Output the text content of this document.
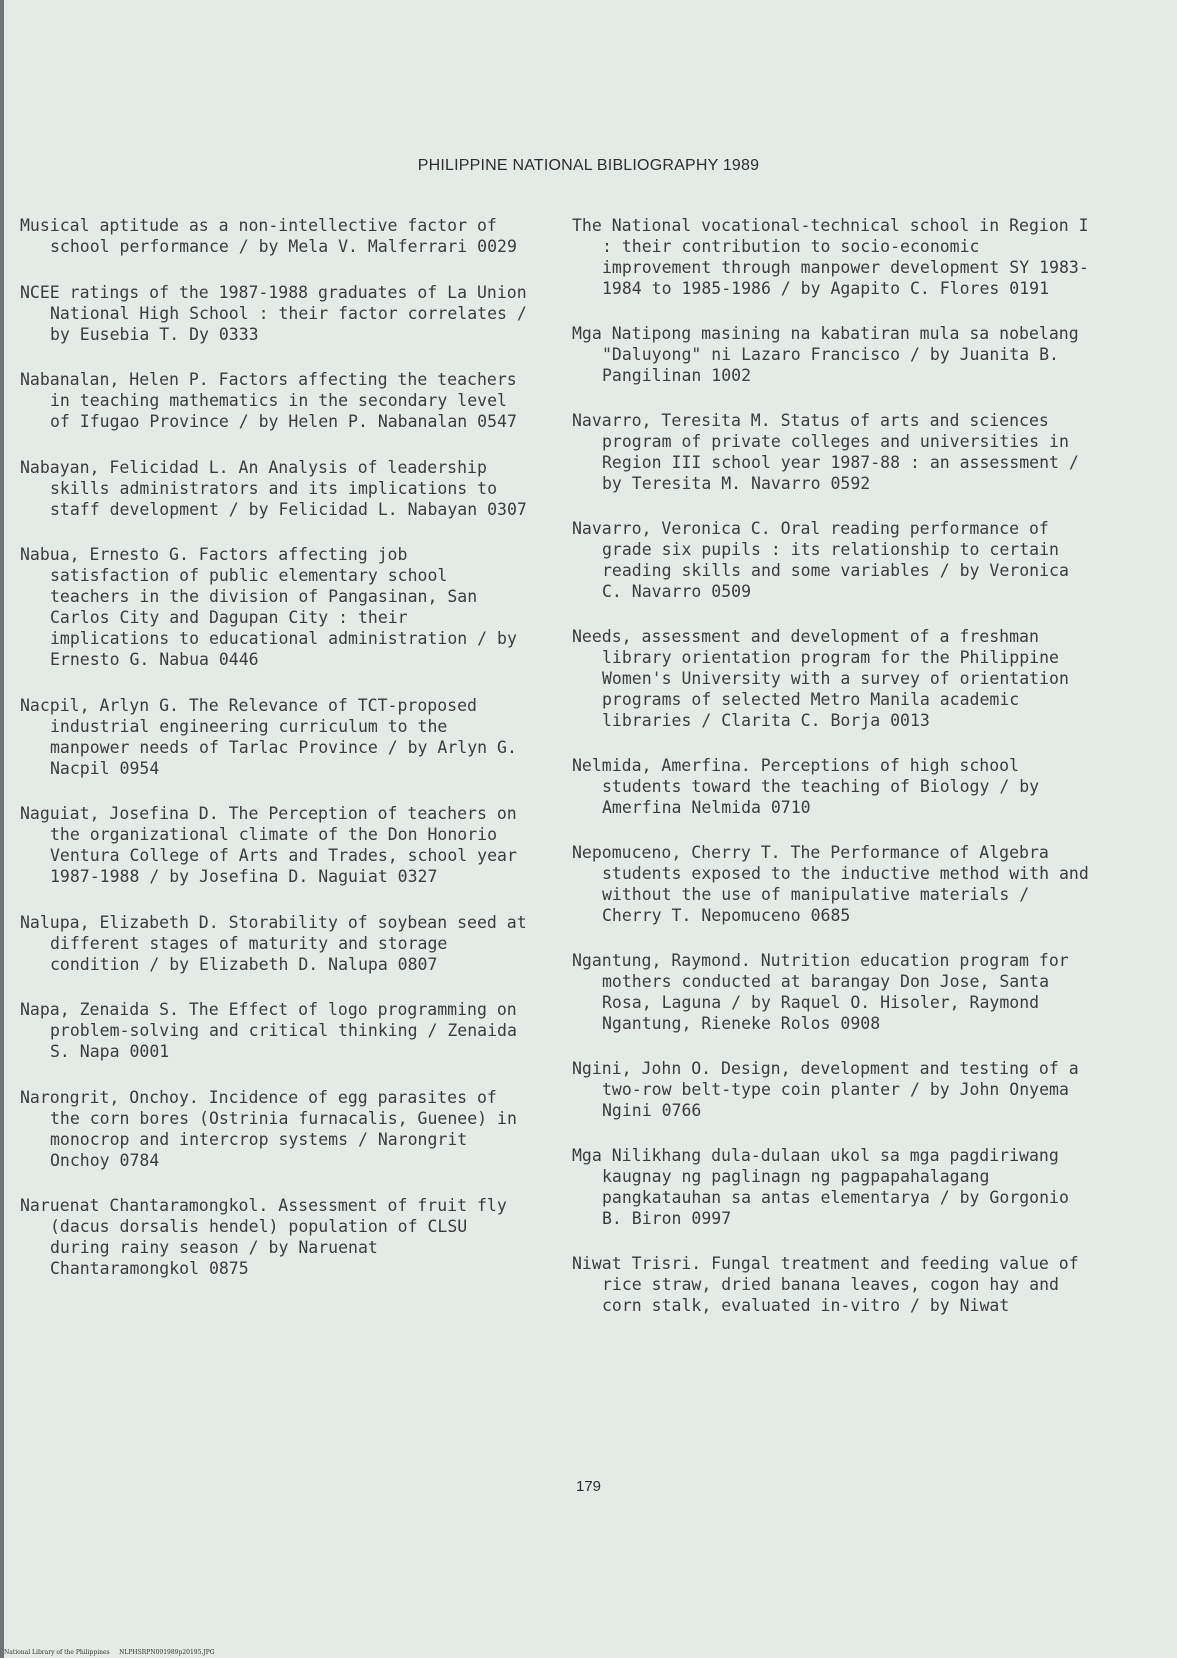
PHILIPPINE NATIONAL BIBLIOGRAPHY 1989

Musical aptitude as a non-intellective factor of school performance / by Mela V. Malferrari 0029

NCEE ratings of the 1987-1988 graduates of La Union National High School : their factor correlates / by Eusebia T. Dy 0333

Nabanalan, Helen P. Factors affecting the teachers in teaching mathematics in the secondary level of Ifugao Province / by Helen P. Nabanalan 0547

Nabayan, Felicidad L. An Analysis of leadership skills administrators and its implications to staff development / by Felicidad L. Nabayan 0307

Nabua, Ernesto G. Factors affecting job satisfaction of public elementary school teachers in the division of Pangasinan, San Carlos City and Dagupan City : their implications to educational administration / by Ernesto G. Nabua 0446

Nacpil, Arlyn G. The Relevance of TCT-proposed industrial engineering curriculum to the manpower needs of Tarlac Province / by Arlyn G. Nacpil 0954

Naguiat, Josefina D. The Perception of teachers on the organizational climate of the Don Honorio Ventura College of Arts and Trades, school year 1987-1988 / by Josefina D. Naguiat 0327

Nalupa, Elizabeth D. Storability of soybean seed at different stages of maturity and storage condition / by Elizabeth D. Nalupa 0807

Napa, Zenaida S. The Effect of logo programming on problem-solving and critical thinking / Zenaida S. Napa 0001

Narongrit, Onchoy. Incidence of egg parasites of the corn bores (Ostrinia furnacalis, Guenee) in monocrop and intercrop systems / Narongrit Onchoy 0784

Naruenat Chantaramongkol. Assessment of fruit fly (dacus dorsalis hendel) population of CLSU during rainy season / by Naruenat Chantaramongkol 0875

The National vocational-technical school in Region I : their contribution to socio-economic improvement through manpower development SY 1983-1984 to 1985-1986 / by Agapito C. Flores 0191

Mga Natipong masining na kabatiran mula sa nobelang "Daluyong" ni Lazaro Francisco / by Juanita B. Pangilinan 1002

Navarro, Teresita M. Status of arts and sciences program of private colleges and universities in Region III school year 1987-88 : an assessment / by Teresita M. Navarro 0592

Navarro, Veronica C. Oral reading performance of grade six pupils : its relationship to certain reading skills and some variables / by Veronica C. Navarro 0509

Needs, assessment and development of a freshman library orientation program for the Philippine Women's University with a survey of orientation programs of selected Metro Manila academic libraries / Clarita C. Borja 0013

Nelmida, Amerfina. Perceptions of high school students toward the teaching of Biology / by Amerfina Nelmida 0710

Nepomuceno, Cherry T. The Performance of Algebra students exposed to the inductive method with and without the use of manipulative materials / Cherry T. Nepomuceno 0685

Ngantung, Raymond. Nutrition education program for mothers conducted at barangay Don Jose, Santa Rosa, Laguna / by Raquel O. Hisoler, Raymond Ngantung, Rieneke Rolos 0908

Ngini, John O. Design, development and testing of a two-row belt-type coin planter / by John Onyema Ngini 0766

Mga Nilikhang dula-dulaan ukol sa mga pagdiriwang kaugnay ng paglinagn ng pagpapahalagang pangkatauhan sa antas elementarya / by Gorgonio B. Biron 0997

Niwat Trisri. Fungal treatment and feeding value of rice straw, dried banana leaves, cogon hay and corn stalk, evaluated in-vitro / by Niwat

179
National Library of the Philippines     NLPHSRPN091989p20195.JPG
